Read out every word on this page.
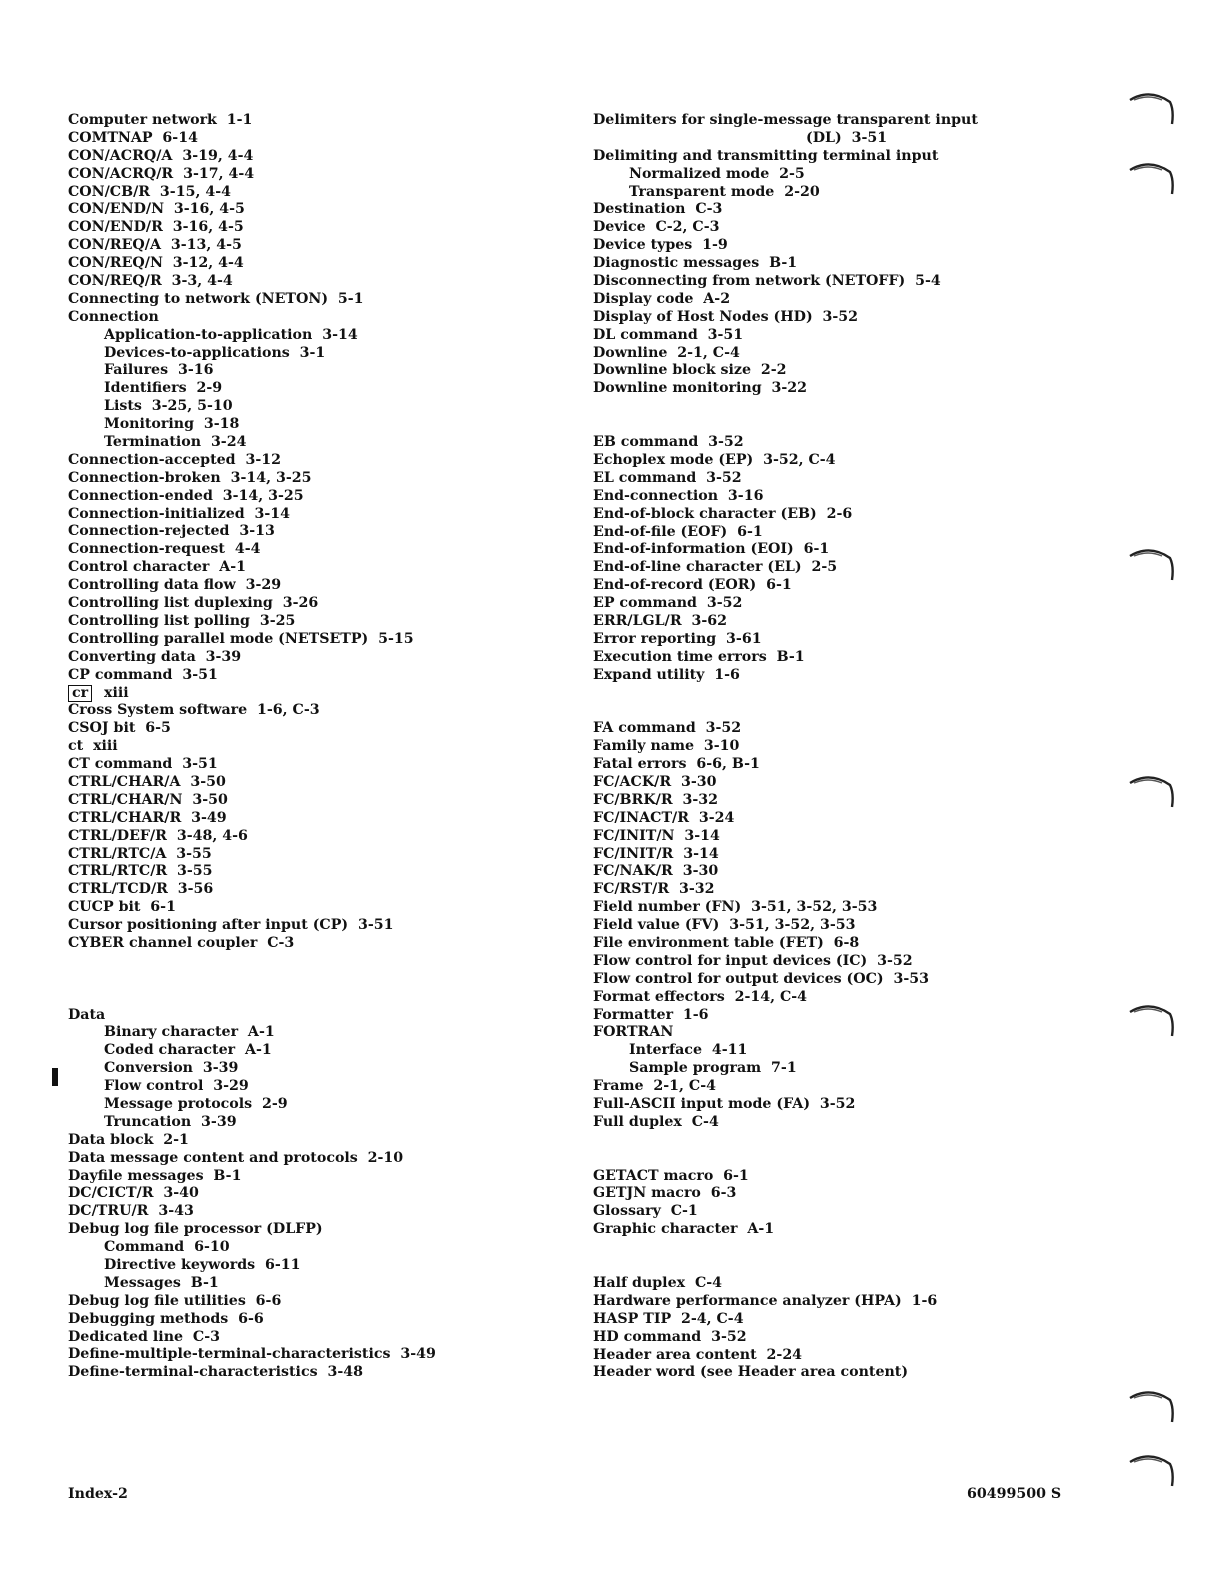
Computer network  1-1
COMTNAP  6-14
CON/ACRQ/A  3-19, 4-4
CON/ACRQ/R  3-17, 4-4
CON/CB/R  3-15, 4-4
CON/END/N  3-16, 4-5
CON/END/R  3-16, 4-5
CON/REQ/A  3-13, 4-5
CON/REQ/N  3-12, 4-4
CON/REQ/R  3-3, 4-4
Connecting to network (NETON)  5-1
Connection
Application-to-application  3-14
Devices-to-applications  3-1
Failures  3-16
Identifiers  2-9
Lists  3-25, 5-10
Monitoring  3-18
Termination  3-24
Connection-accepted  3-12
Connection-broken  3-14, 3-25
Connection-ended  3-14, 3-25
Connection-initialized  3-14
Connection-rejected  3-13
Connection-request  4-4
Control character  A-1
Controlling data flow  3-29
Controlling list duplexing  3-26
Controlling list polling  3-25
Controlling parallel mode (NETSETP)  5-15
Converting data  3-39
CP command  3-51
cr  xiii
Cross System software  1-6, C-3
CSOJ bit  6-5
ct  xiii
CT command  3-51
CTRL/CHAR/A  3-50
CTRL/CHAR/N  3-50
CTRL/CHAR/R  3-49
CTRL/DEF/R  3-48, 4-6
CTRL/RTC/A  3-55
CTRL/RTC/R  3-55
CTRL/TCD/R  3-56
CUCP bit  6-1
Cursor positioning after input (CP)  3-51
CYBER channel coupler  C-3
Data
Binary character  A-1
Coded character  A-1
Conversion  3-39
Flow control  3-29
Message protocols  2-9
Truncation  3-39
Data block  2-1
Data message content and protocols  2-10
Dayfile messages  B-1
DC/CICT/R  3-40
DC/TRU/R  3-43
Debug log file processor (DLFP)
Command  6-10
Directive keywords  6-11
Messages  B-1
Debug log file utilities  6-6
Debugging methods  6-6
Dedicated line  C-3
Define-multiple-terminal-characteristics  3-49
Define-terminal-characteristics  3-48
Delimiters for single-message transparent input
(DL)  3-51
Delimiting and transmitting terminal input
Normalized mode  2-5
Transparent mode  2-20
Destination  C-3
Device  C-2, C-3
Device types  1-9
Diagnostic messages  B-1
Disconnecting from network (NETOFF)  5-4
Display code  A-2
Display of Host Nodes (HD)  3-52
DL command  3-51
Downline  2-1, C-4
Downline block size  2-2
Downline monitoring  3-22
EB command  3-52
Echoplex mode (EP)  3-52, C-4
EL command  3-52
End-connection  3-16
End-of-block character (EB)  2-6
End-of-file (EOF)  6-1
End-of-information (EOI)  6-1
End-of-line character (EL)  2-5
End-of-record (EOR)  6-1
EP command  3-52
ERR/LGL/R  3-62
Error reporting  3-61
Execution time errors  B-1
Expand utility  1-6
FA command  3-52
Family name  3-10
Fatal errors  6-6, B-1
FC/ACK/R  3-30
FC/BRK/R  3-32
FC/INACT/R  3-24
FC/INIT/N  3-14
FC/INIT/R  3-14
FC/NAK/R  3-30
FC/RST/R  3-32
Field number (FN)  3-51, 3-52, 3-53
Field value (FV)  3-51, 3-52, 3-53
File environment table (FET)  6-8
Flow control for input devices (IC)  3-52
Flow control for output devices (OC)  3-53
Format effectors  2-14, C-4
Formatter  1-6
FORTRAN
Interface  4-11
Sample program  7-1
Frame  2-1, C-4
Full-ASCII input mode (FA)  3-52
Full duplex  C-4
GETACT macro  6-1
GETJN macro  6-3
Glossary  C-1
Graphic character  A-1
Half duplex  C-4
Hardware performance analyzer (HPA)  1-6
HASP TIP  2-4, C-4
HD command  3-52
Header area content  2-24
Header word (see Header area content)
Index-2	60499500 S
